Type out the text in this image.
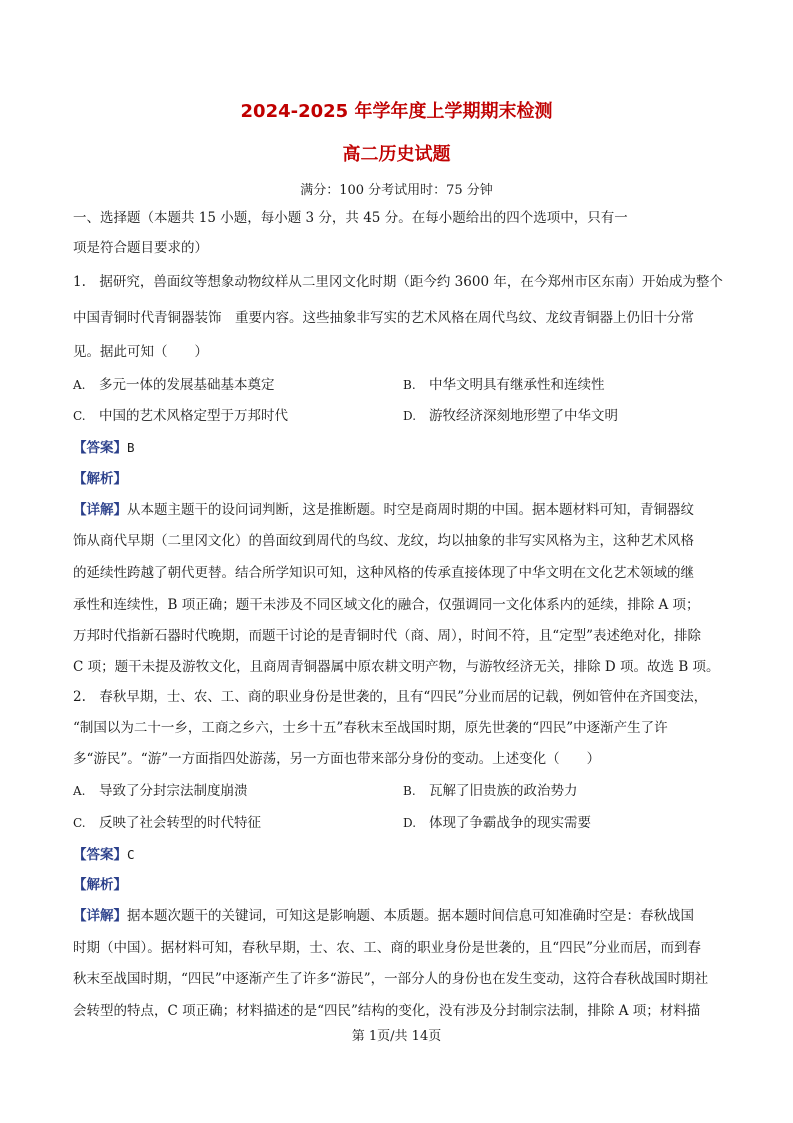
2024-2025 年学年度上学期期末检测
高二历史试题
满分：100 分考试用时：75 分钟
一、选择题（本题共 15 小题，每小题 3 分，共 45 分。在每小题给出的四个选项中，只有一
项是符合题目要求的）
1.　据研究，兽面纹等想象动物纹样从二里冈文化时期（距今约 3600 年，在今郑州市区东南）开始成为整个
中国青铜时代青铜器装饰　重要内容。这些抽象非写实的艺术风格在周代鸟纹、龙纹青铜器上仍旧十分常
见。据此可知（　　）
A. 多元一体的发展基础基本奠定	B. 中华文明具有继承性和连续性
C. 中国的艺术风格定型于万邦时代	D. 游牧经济深刻地形塑了中华文明
【答案】B
【解析】
【详解】从本题主题干的设问词判断，这是推断题。时空是商周时期的中国。据本题材料可知，青铜器纹
饰从商代早期（二里冈文化）的兽面纹到周代的鸟纹、龙纹，均以抽象的非写实风格为主，这种艺术风格
的延续性跨越了朝代更替。结合所学知识可知，这种风格的传承直接体现了中华文明在文化艺术领域的继
承性和连续性，B 项正确；题干未涉及不同区域文化的融合，仅强调同一文化体系内的延续，排除 A 项；
万邦时代指新石器时代晚期，而题干讨论的是青铜时代（商、周），时间不符，且“定型”表述绝对化，排除
C 项；题干未提及游牧文化，且商周青铜器属中原农耕文明产物，与游牧经济无关，排除 D 项。故选 B 项。
2.　春秋早期，士、农、工、商的职业身份是世袭的，且有“四民”分业而居的记载，例如管仲在齐国变法，
“制国以为二十一乡，工商之乡六，士乡十五”春秋末至战国时期，原先世袭的“四民”中逐渐产生了许
多“游民”。“游”一方面指四处游荡，另一方面也带来部分身份的变动。上述变化（　　）
A. 导致了分封宗法制度崩溃	B. 瓦解了旧贵族的政治势力
C. 反映了社会转型的时代特征	D. 体现了争霸战争的现实需要
【答案】C
【解析】
【详解】据本题次题干的关键词，可知这是影响题、本质题。据本题时间信息可知准确时空是：春秋战国
时期（中国）。据材料可知，春秋早期，士、农、工、商的职业身份是世袭的，且“四民”分业而居，而到春
秋末至战国时期，“四民”中逐渐产生了许多“游民”，一部分人的身份也在发生变动，这符合春秋战国时期社
会转型的特点，C 项正确；材料描述的是“四民”结构的变化，没有涉及分封制宗法制，排除 A 项；材料描
第 1页/共 14页
